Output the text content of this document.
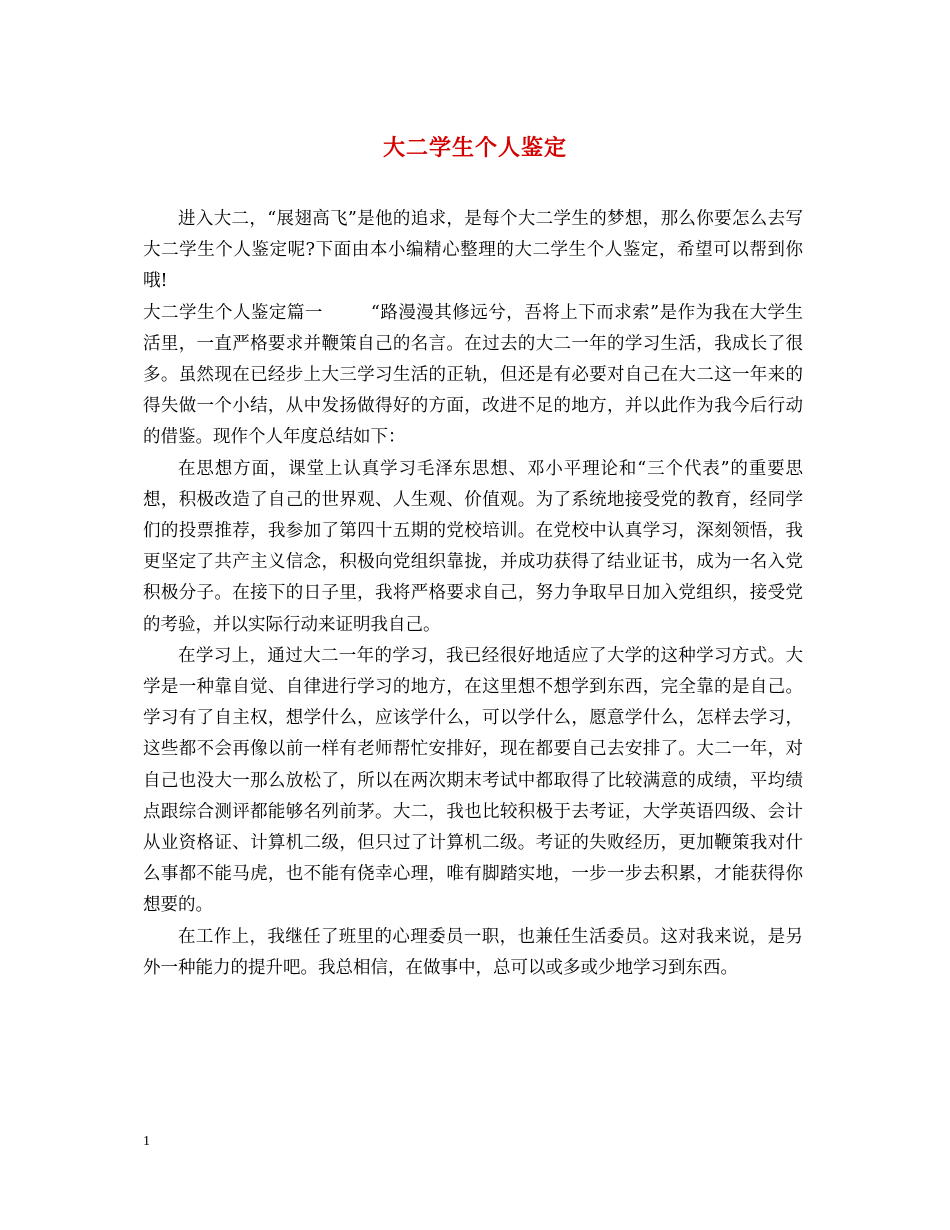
大二学生个人鉴定

进入大二，“展翅高飞”是他的追求，是每个大二学生的梦想，那么你要怎么去写大二学生个人鉴定呢?下面由本小编精心整理的大二学生个人鉴定，希望可以帮到你哦!

大二学生个人鉴定篇一	“路漫漫其修远兮，吾将上下而求索”是作为我在大学生活里，一直严格要求并鞭策自己的名言。在过去的大二一年的学习生活，我成长了很多。虽然现在已经步上大三学习生活的正轨，但还是有必要对自己在大二这一年来的得失做一个小结，从中发扬做得好的方面，改进不足的地方，并以此作为我今后行动的借鉴。现作个人年度总结如下：

在思想方面，课堂上认真学习毛泽东思想、邓小平理论和“三个代表”的重要思想，积极改造了自己的世界观、人生观、价值观。为了系统地接受党的教育，经同学们的投票推荐，我参加了第四十五期的党校培训。在党校中认真学习，深刻领悟，我更坚定了共产主义信念，积极向党组织靠拢，并成功获得了结业证书，成为一名入党积极分子。在接下的日子里，我将严格要求自己，努力争取早日加入党组织，接受党的考验，并以实际行动来证明我自己。

在学习上，通过大二一年的学习，我已经很好地适应了大学的这种学习方式。大学是一种靠自觉、自律进行学习的地方，在这里想不想学到东西，完全靠的是自己。学习有了自主权，想学什么，应该学什么，可以学什么，愿意学什么，怎样去学习，这些都不会再像以前一样有老师帮忙安排好，现在都要自己去安排了。大二一年，对自己也没大一那么放松了，所以在两次期末考试中都取得了比较满意的成绩，平均绩点跟综合测评都能够名列前茅。大二，我也比较积极于去考证，大学英语四级、会计从业资格证、计算机二级，但只过了计算机二级。考证的失败经历，更加鞭策我对什么事都不能马虎，也不能有侥幸心理，唯有脚踏实地，一步一步去积累，才能获得你想要的。

在工作上，我继任了班里的心理委员一职，也兼任生活委员。这对我来说，是另外一种能力的提升吧。我总相信，在做事中，总可以或多或少地学习到东西。

1
